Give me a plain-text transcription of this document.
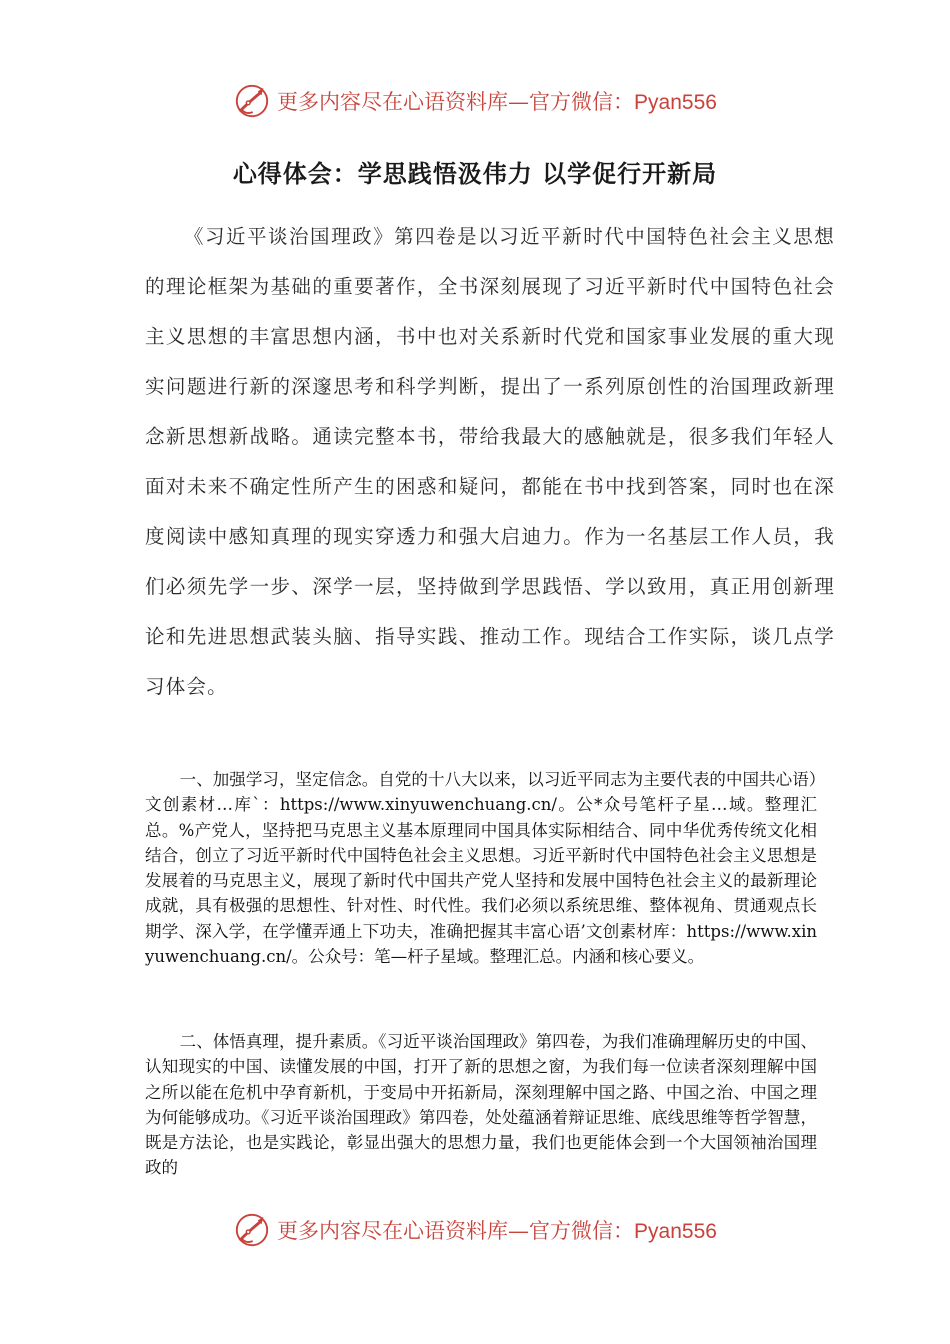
更多内容尽在心语资料库—官方微信：Pyan556
心得体会：学思践悟汲伟力 以学促行开新局

《习近平谈治国理政》第四卷是以习近平新时代中国特色社会主义思想的理论框架为基础的重要著作，全书深刻展现了习近平新时代中国特色社会主义思想的丰富思想内涵，书中也对关系新时代党和国家事业发展的重大现实问题进行新的深邃思考和科学判断，提出了一系列原创性的治国理政新理念新思想新战略。通读完整本书，带给我最大的感触就是，很多我们年轻人面对未来不确定性所产生的困惑和疑问，都能在书中找到答案，同时也在深度阅读中感知真理的现实穿透力和强大启迪力。作为一名基层工作人员，我们必须先学一步、深学一层，坚持做到学思践悟、学以致用，真正用创新理论和先进思想武装头脑、指导实践、推动工作。现结合工作实际，谈几点学习体会。

一、加强学习，坚定信念。自党的十八大以来，以习近平同志为主要代表的中国共心语）文创素材…库`：https://www.xinyuwenchuang.cn/。公*众号笔杆子星…域。整理汇总。%产党人，坚持把马克思主义基本原理同中国具体实际相结合、同中华优秀传统文化相结合，创立了习近平新时代中国特色社会主义思想。习近平新时代中国特色社会主义思想是发展着的马克思主义，展现了新时代中国共产党人坚持和发展中国特色社会主义的最新理论成就，具有极强的思想性、针对性、时代性。我们必须以系统思维、整体视角、贯通观点长期学、深入学，在学懂弄通上下功夫，准确把握其丰富心语’文创素材库：https://www.xinyuwenchuang.cn/。公众号：笔—杆子星域。整理汇总。内涵和核心要义。

二、体悟真理，提升素质。《习近平谈治国理政》第四卷，为我们准确理解历史的中国、认知现实的中国、读懂发展的中国，打开了新的思想之窗，为我们每一位读者深刻理解中国之所以能在危机中孕育新机，于变局中开拓新局，深刻理解中国之路、中国之治、中国之理为何能够成功。《习近平谈治国理政》第四卷，处处蕴涵着辩证思维、底线思维等哲学智慧，既是方法论，也是实践论，彰显出强大的思想力量，我们也更能体会到一个大国领袖治国理政的

更多内容尽在心语资料库—官方微信：Pyan556
